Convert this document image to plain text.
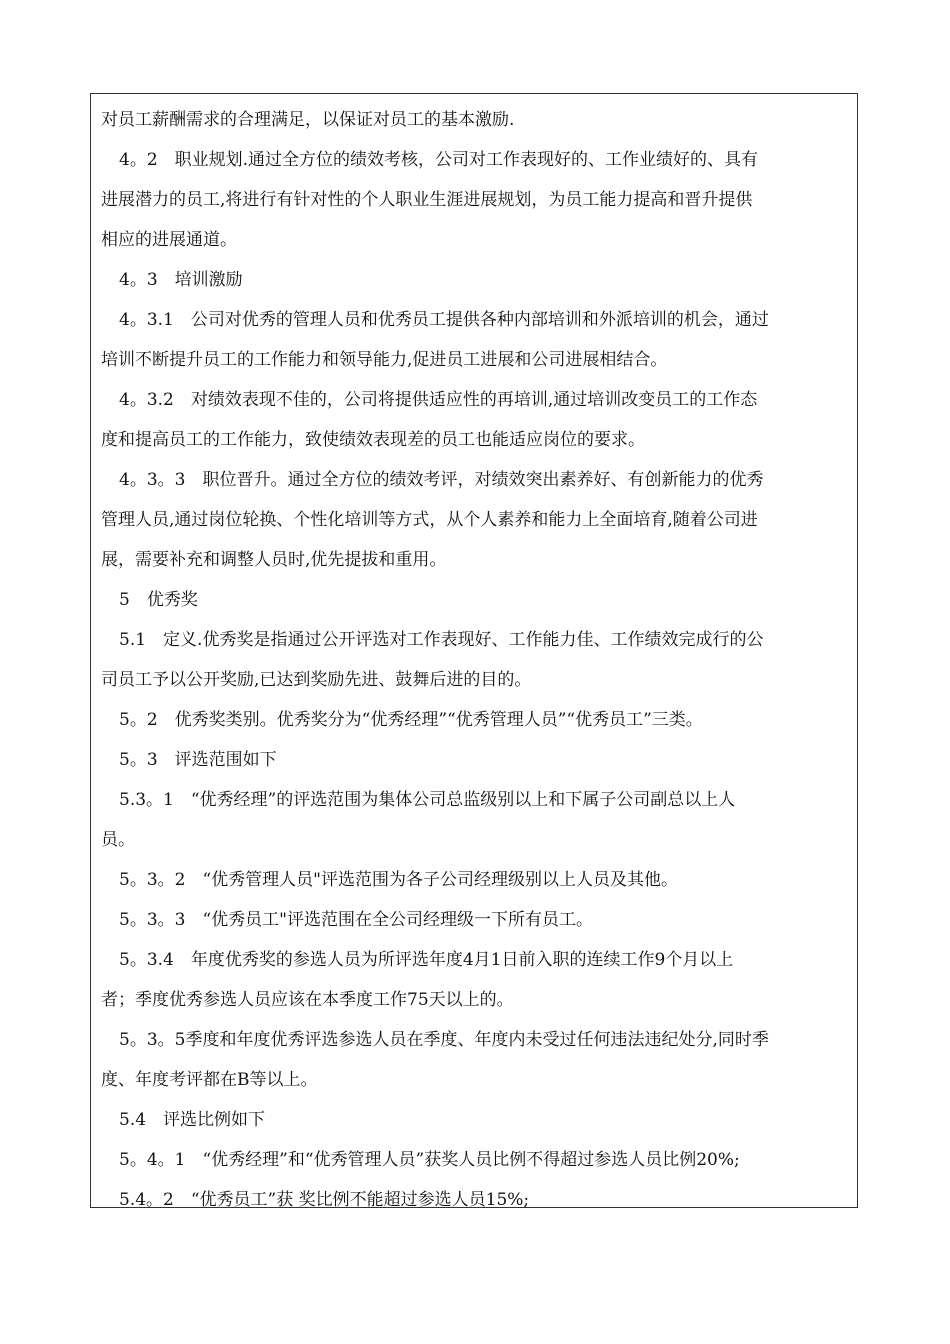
对员工薪酬需求的合理满足，以保证对员工的基本激励.
4。2　职业规划.通过全方位的绩效考核，公司对工作表现好的、工作业绩好的、具有
进展潜力的员工,将进行有针对性的个人职业生涯进展规划，为员工能力提高和晋升提供
相应的进展通道。
4。3　培训激励
4。3.1　公司对优秀的管理人员和优秀员工提供各种内部培训和外派培训的机会，通过
培训不断提升员工的工作能力和领导能力,促进员工进展和公司进展相结合。
4。3.2　对绩效表现不佳的，公司将提供适应性的再培训,通过培训改变员工的工作态
度和提高员工的工作能力，致使绩效表现差的员工也能适应岗位的要求。
4。3。3　职位晋升。通过全方位的绩效考评，对绩效突出素养好、有创新能力的优秀
管理人员,通过岗位轮换、个性化培训等方式，从个人素养和能力上全面培育,随着公司进
展，需要补充和调整人员时,优先提拔和重用。
5　优秀奖
5.1　定义.优秀奖是指通过公开评选对工作表现好、工作能力佳、工作绩效完成行的公
司员工予以公开奖励,已达到奖励先进、鼓舞后进的目的。
5。2　优秀奖类别。优秀奖分为“优秀经理”“优秀管理人员”“优秀员工”三类。
5。3　评选范围如下
5.3。1　“优秀经理”的评选范围为集体公司总监级别以上和下属子公司副总以上人
员。
5。3。2　“优秀管理人员"评选范围为各子公司经理级别以上人员及其他。
5。3。3　“优秀员工"评选范围在全公司经理级一下所有员工。
5。3.4　年度优秀奖的参选人员为所评选年度4月1日前入职的连续工作9个月以上
者；季度优秀参选人员应该在本季度工作75天以上的。
5。3。5季度和年度优秀评选参选人员在季度、年度内未受过任何违法违纪处分,同时季
度、年度考评都在B等以上。
5.4　评选比例如下
5。4。1　“优秀经理”和“优秀管理人员”获奖人员比例不得超过参选人员比例20%;
5.4。2　“优秀员工”获 奖比例不能超过参选人员15%;
